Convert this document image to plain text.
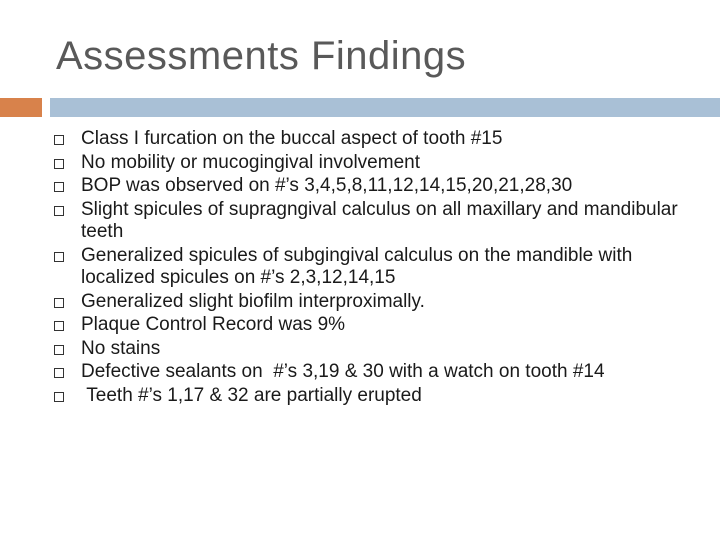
Assessments Findings
Class I furcation on the buccal aspect of tooth #15
No mobility or mucogingival involvement
BOP was observed on #’s 3,4,5,8,11,12,14,15,20,21,28,30
Slight spicules of supragngival calculus on all maxillary and mandibular teeth
Generalized spicules of subgingival calculus on the mandible with localized spicules on #’s 2,3,12,14,15
Generalized slight biofilm interproximally.
Plaque Control Record was 9%
No stains
Defective sealants on  #’s 3,19 & 30 with a watch on tooth #14
Teeth #’s 1,17 & 32 are partially erupted
